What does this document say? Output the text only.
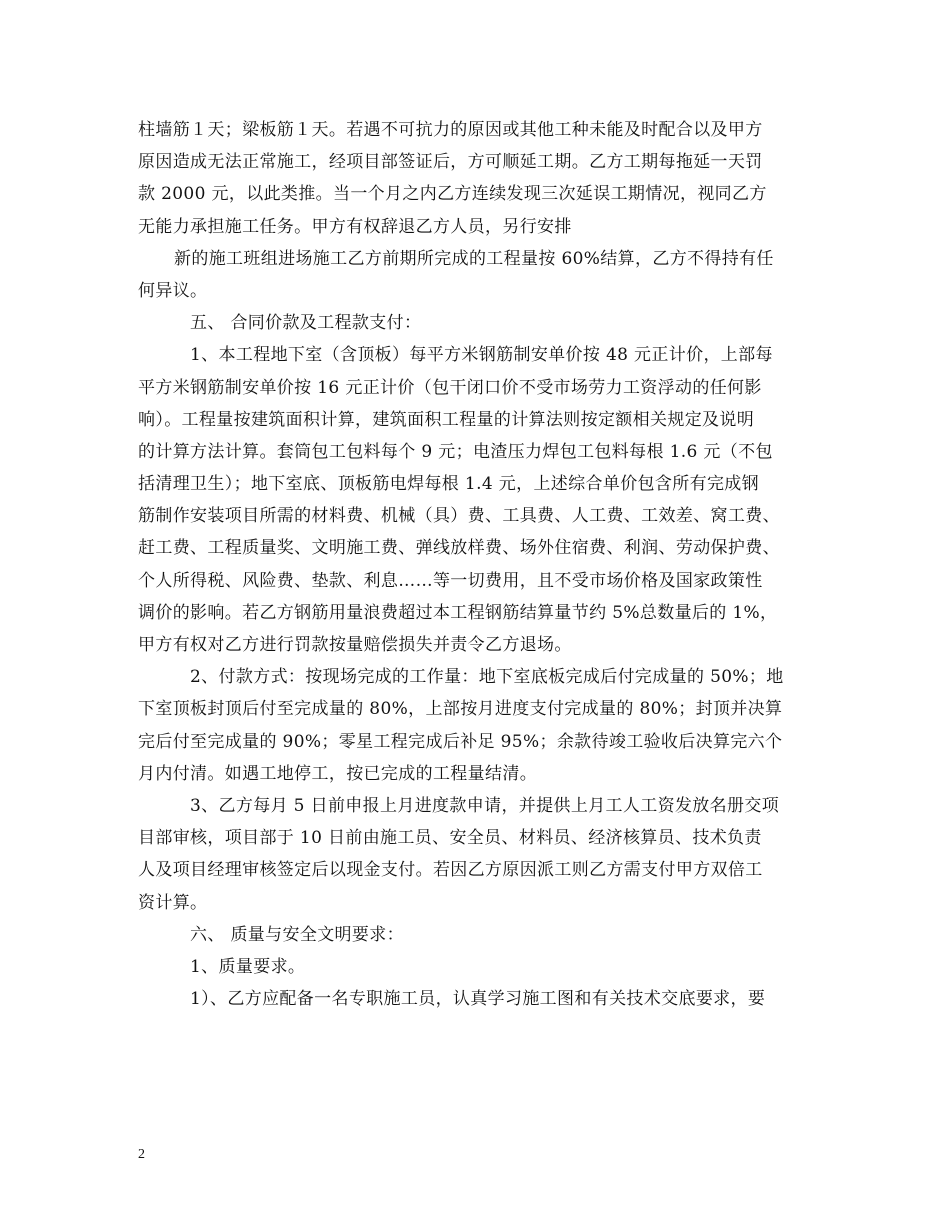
柱墙筋１天；梁板筋１天。若遇不可抗力的原因或其他工种未能及时配合以及甲方
原因造成无法正常施工，经项目部签证后，方可顺延工期。乙方工期每拖延一天罚
款 2000 元，以此类推。当一个月之内乙方连续发现三次延误工期情况，视同乙方
无能力承担施工任务。甲方有权辞退乙方人员，另行安排
新的施工班组进场施工乙方前期所完成的工程量按 60%结算，乙方不得持有任
何异议。
五、 合同价款及工程款支付：
1、本工程地下室（含顶板）每平方米钢筋制安单价按 48 元正计价，上部每
平方米钢筋制安单价按 16 元正计价（包干闭口价不受市场劳力工资浮动的任何影
响）。工程量按建筑面积计算，建筑面积工程量的计算法则按定额相关规定及说明
的计算方法计算。套筒包工包料每个 9 元；电渣压力焊包工包料每根 1.6 元（不包
括清理卫生）；地下室底、顶板筋电焊每根 1.4 元，上述综合单价包含所有完成钢
筋制作安装项目所需的材料费、机械（具）费、工具费、人工费、工效差、窝工费、
赶工费、工程质量奖、文明施工费、弹线放样费、场外住宿费、利润、劳动保护费、
个人所得税、风险费、垫款、利息……等一切费用，且不受市场价格及国家政策性
调价的影响。若乙方钢筋用量浪费超过本工程钢筋结算量节约 5%总数量后的 1%，
甲方有权对乙方进行罚款按量赔偿损失并责令乙方退场。
2、付款方式：按现场完成的工作量：地下室底板完成后付完成量的 50%；地
下室顶板封顶后付至完成量的 80%，上部按月进度支付完成量的 80%；封顶并决算
完后付至完成量的 90%；零星工程完成后补足 95%；余款待竣工验收后决算完六个
月内付清。如遇工地停工，按已完成的工程量结清。
3、乙方每月 5 日前申报上月进度款申请，并提供上月工人工资发放名册交项
目部审核，项目部于 10 日前由施工员、安全员、材料员、经济核算员、技术负责
人及项目经理审核签定后以现金支付。若因乙方原因派工则乙方需支付甲方双倍工
资计算。
六、 质量与安全文明要求：
1、质量要求。
1）、乙方应配备一名专职施工员，认真学习施工图和有关技术交底要求，要
2
